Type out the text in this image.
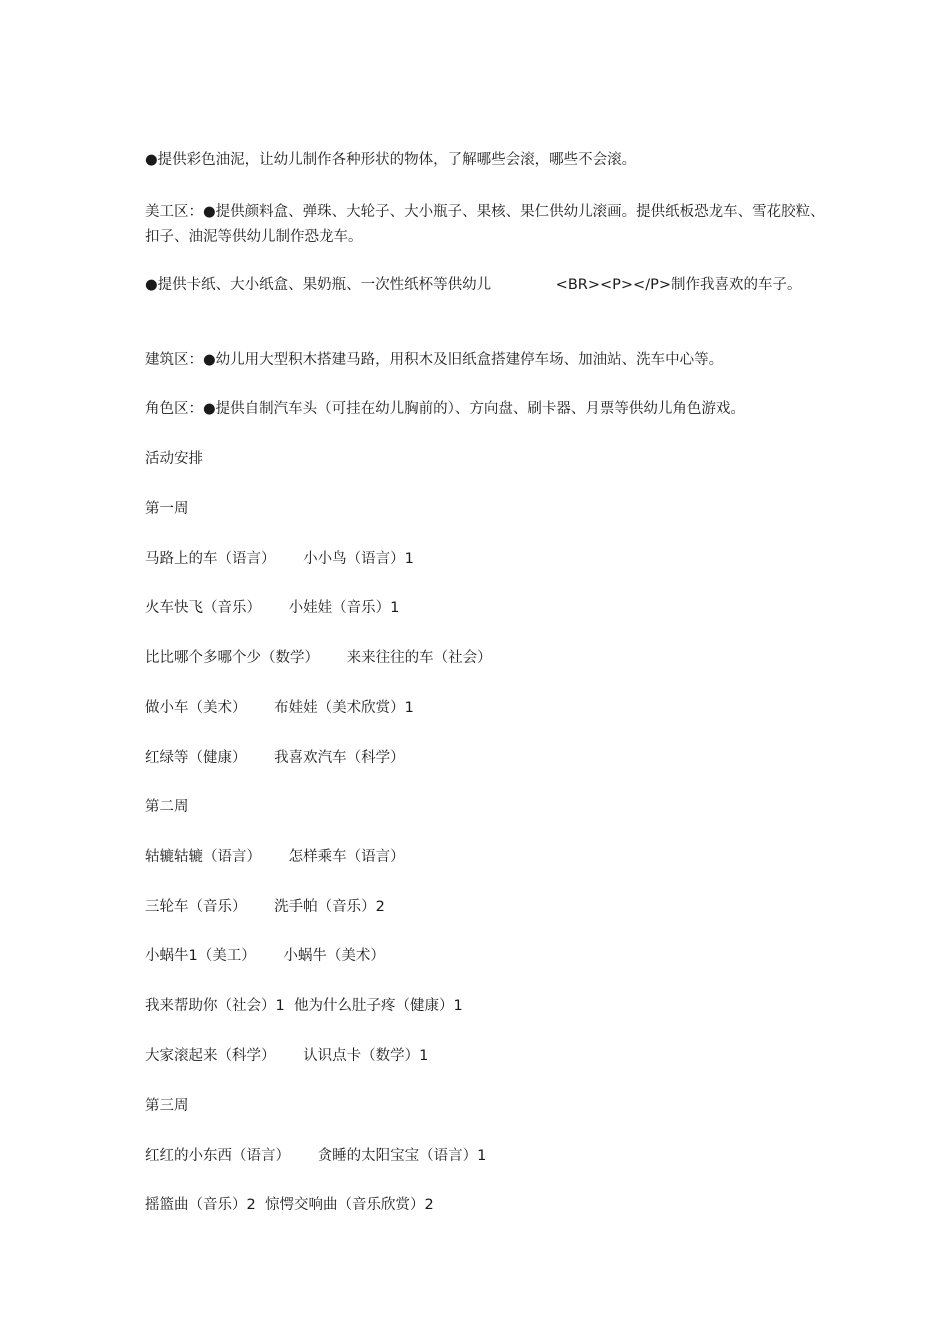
●提供彩色油泥，让幼儿制作各种形状的物体，了解哪些会滚，哪些不会滚。

美工区：●提供颜料盒、弹珠、大轮子、大小瓶子、果核、果仁供幼儿滚画。提供纸板恐龙车、雪花胶粒、扣子、油泥等供幼儿制作恐龙车。

●提供卡纸、大小纸盒、果奶瓶、一次性纸杯等供幼儿              <BR><P></P>制作我喜欢的车子。

建筑区：●幼儿用大型积木搭建马路，用积木及旧纸盒搭建停车场、加油站、洗车中心等。

角色区：●提供自制汽车头（可挂在幼儿胸前的）、方向盘、刷卡器、月票等供幼儿角色游戏。

活动安排

第一周

马路上的车（语言）      小小鸟（语言）1

火车快飞（音乐）      小娃娃（音乐）1

比比哪个多哪个少（数学）      来来往往的车（社会）

做小车（美术）      布娃娃（美术欣赏）1

红绿等（健康）      我喜欢汽车（科学）

第二周

轱辘轱辘（语言）      怎样乘车（语言）

三轮车（音乐）      洗手帕（音乐）2

小蜗牛1（美工）      小蜗牛（美术）

我来帮助你（社会）1  他为什么肚子疼（健康）1

大家滚起来（科学）      认识点卡（数学）1

第三周

红红的小东西（语言）      贪睡的太阳宝宝（语言）1

摇篮曲（音乐）2  惊愕交响曲（音乐欣赏）2
